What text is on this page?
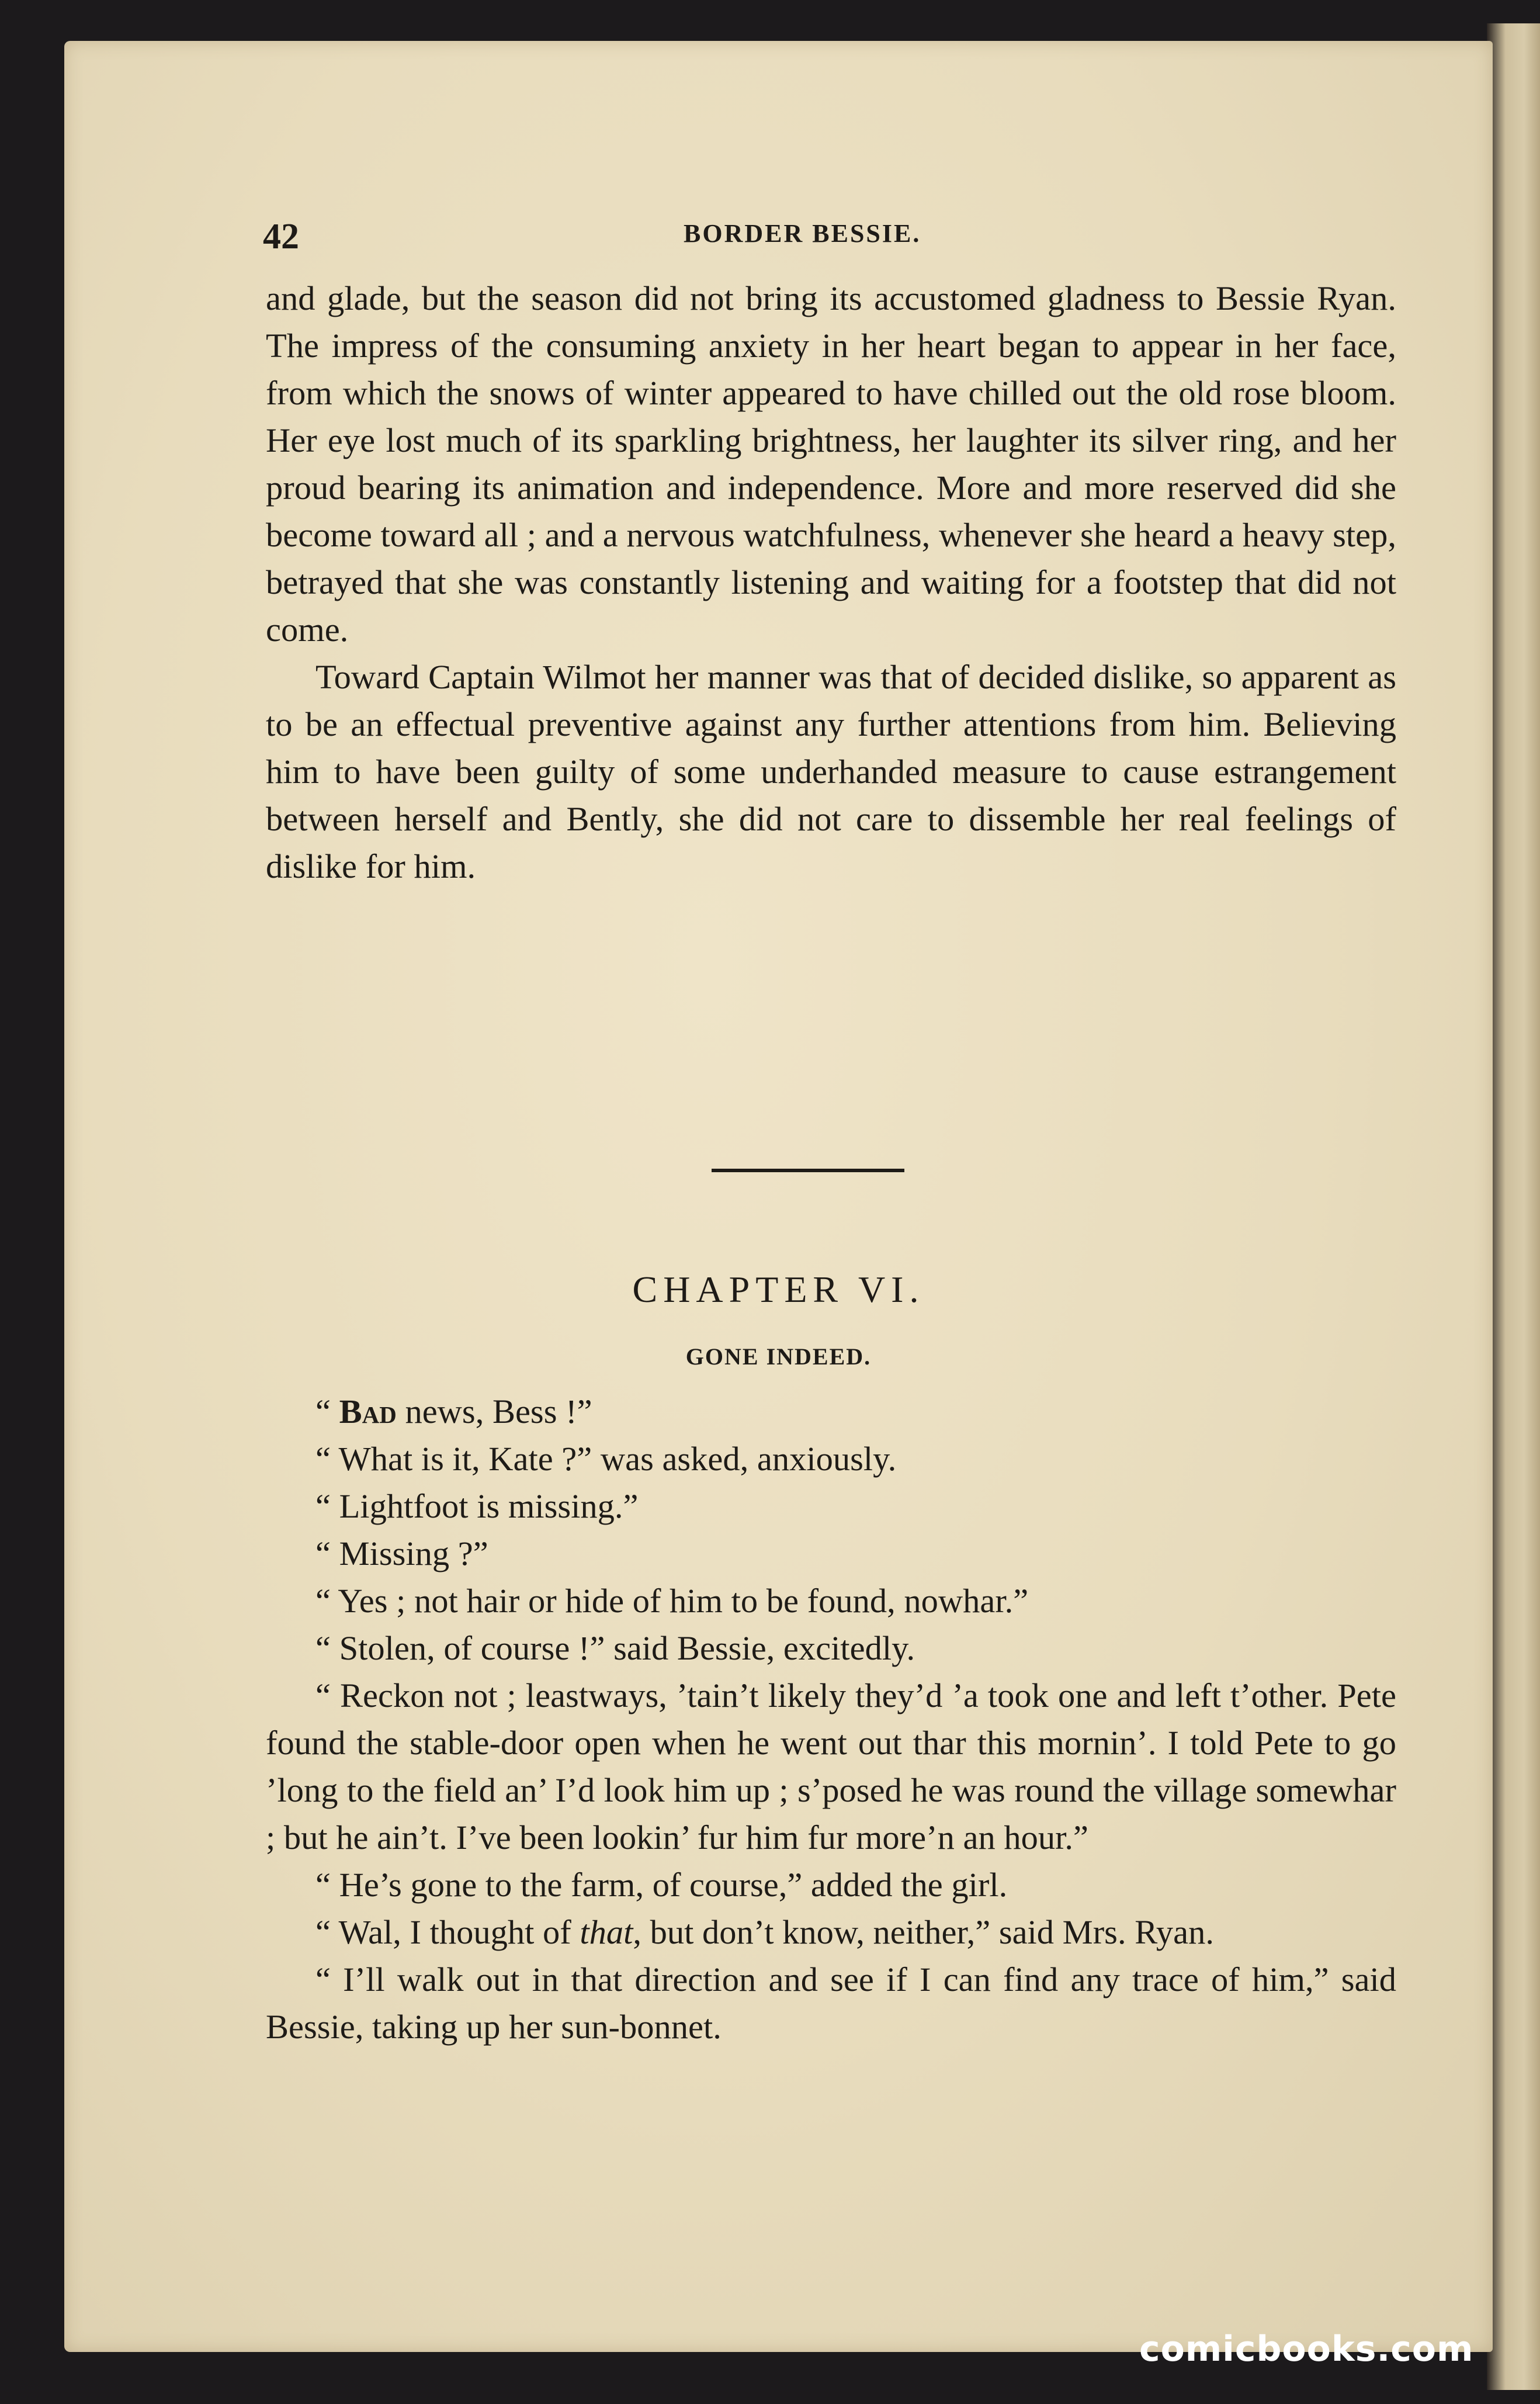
42	BORDER BESSIE.

and glade, but the season did not bring its accustomed gladness to Bessie Ryan. The impress of the consuming anxiety in her heart began to appear in her face, from which the snows of winter appeared to have chilled out the old rose bloom. Her eye lost much of its sparkling brightness, her laughter its silver ring, and her proud bearing its animation and independence. More and more reserved did she become toward all ; and a nervous watchfulness, whenever she heard a heavy step, betrayed that she was constantly listening and waiting for a footstep that did not come.

Toward Captain Wilmot her manner was that of decided dislike, so apparent as to be an effectual preventive against any further attentions from him. Believing him to have been guilty of some underhanded measure to cause estrangement between herself and Bently, she did not care to dissemble her real feelings of dislike for him.

CHAPTER VI.
GONE INDEED.

“ Bad news, Bess !”

“ What is it, Kate ?” was asked, anxiously.

“ Lightfoot is missing.”

“ Missing ?”

“ Yes ; not hair or hide of him to be found, nowhar.”

“ Stolen, of course !” said Bessie, excitedly.

“ Reckon not ; leastways, ’tain’t likely they’d ’a took one and left t’other. Pete found the stable-door open when he went out thar this mornin’. I told Pete to go ’long to the field an’ I’d look him up ; s’posed he was round the village somewhar ; but he ain’t. I’ve been lookin’ fur him fur more’n an hour.”

“ He’s gone to the farm, of course,” added the girl.

“ Wal, I thought of that, but don’t know, neither,” said Mrs. Ryan.

“ I’ll walk out in that direction and see if I can find any trace of him,” said Bessie, taking up her sun-bonnet.

comicbooks.com
